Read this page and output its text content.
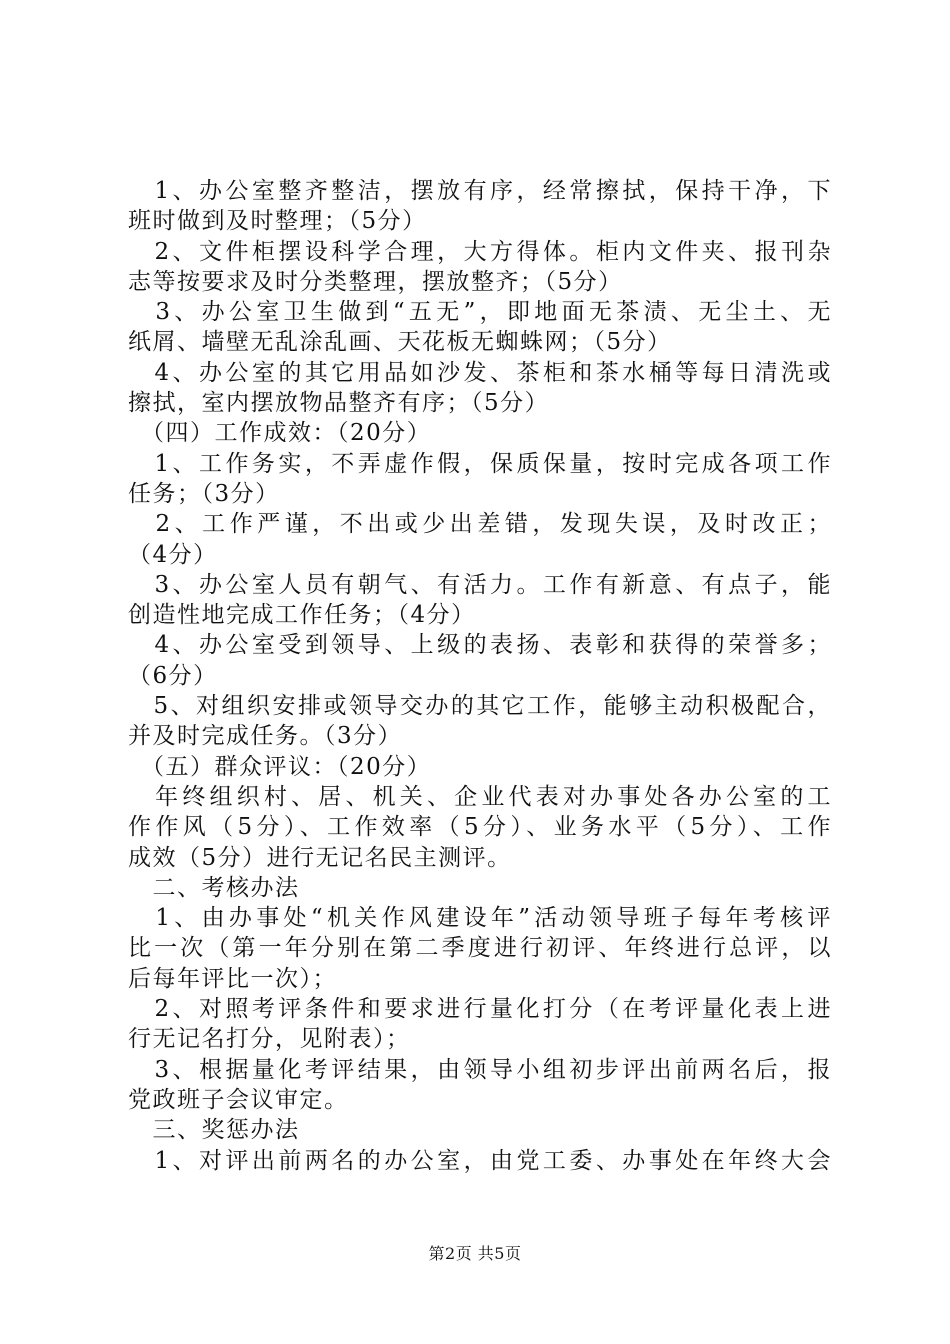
　1、办公室整齐整洁，摆放有序，经常擦拭，保持干净，下
班时做到及时整理；（5分）
　2、文件柜摆设科学合理，大方得体。柜内文件夹、报刊杂
志等按要求及时分类整理，摆放整齐；（5分）
　3、办公室卫生做到“五无”，即地面无茶渍、无尘土、无
纸屑、墙壁无乱涂乱画、天花板无蜘蛛网；（5分）
　4、办公室的其它用品如沙发、茶柜和茶水桶等每日清洗或
擦拭，室内摆放物品整齐有序；（5分）
　（四）工作成效：（20分）
　1、工作务实，不弄虚作假，保质保量，按时完成各项工作
任务；（3分）
　2、工作严谨，不出或少出差错，发现失误，及时改正；
（4分）
　3、办公室人员有朝气、有活力。工作有新意、有点子，能
创造性地完成工作任务；（4分）
　4、办公室受到领导、上级的表扬、表彰和获得的荣誉多；
（6分）
　5、对组织安排或领导交办的其它工作，能够主动积极配合，
并及时完成任务。（3分）
　（五）群众评议：（20分）
　年终组织村、居、机关、企业代表对办事处各办公室的工
作作风（5分）、工作效率（5分）、业务水平（5分）、工作
成效（5分）进行无记名民主测评。
　二、考核办法
　1、由办事处“机关作风建设年”活动领导班子每年考核评
比一次（第一年分别在第二季度进行初评、年终进行总评，以
后每年评比一次）；
　2、对照考评条件和要求进行量化打分（在考评量化表上进
行无记名打分，见附表）；
　3、根据量化考评结果，由领导小组初步评出前两名后，报
党政班子会议审定。
　三、奖惩办法
　1、对评出前两名的办公室，由党工委、办事处在年终大会
第2页 共5页
